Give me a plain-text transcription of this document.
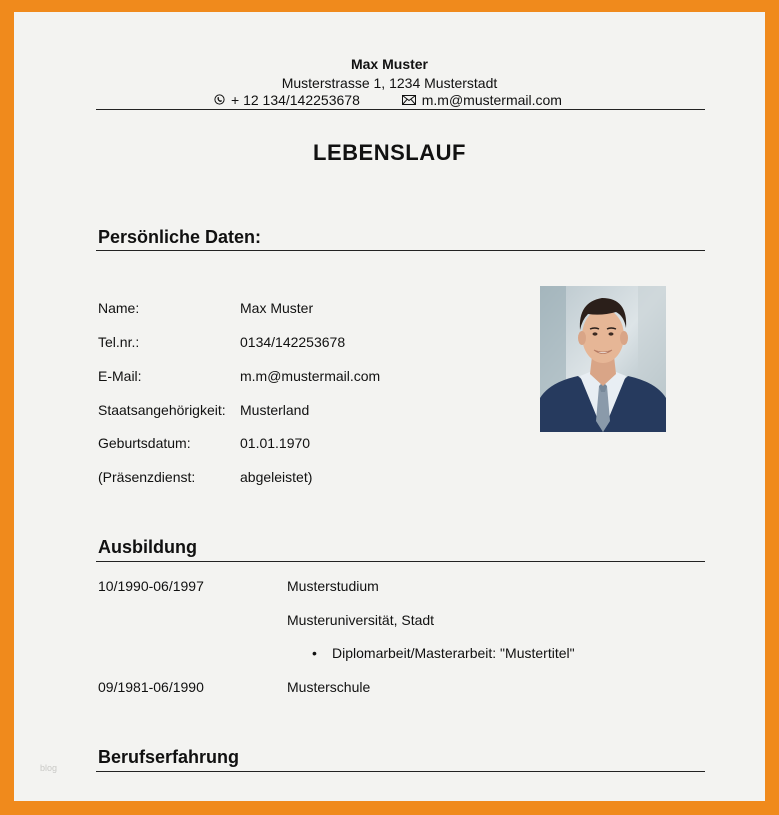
Max Muster
Musterstrasse 1, 1234 Musterstadt
+ 12 134/142253678	m.m@mustermail.com
LEBENSLAUF
Persönliche Daten:
Name:	Max Muster
Tel.nr.:	0134/142253678
E-Mail:	m.m@mustermail.com
Staatsangehörigkeit: Musterland
Geburtsdatum:	01.01.1970
(Präsenzdienst:	abgeleistet)
Ausbildung
10/1990-06/1997	Musterstudium
Musteruniversität, Stadt
• Diplomarbeit/Masterarbeit: "Mustertitel"
09/1981-06/1990	Musterschule
Berufserfahrung
blog
